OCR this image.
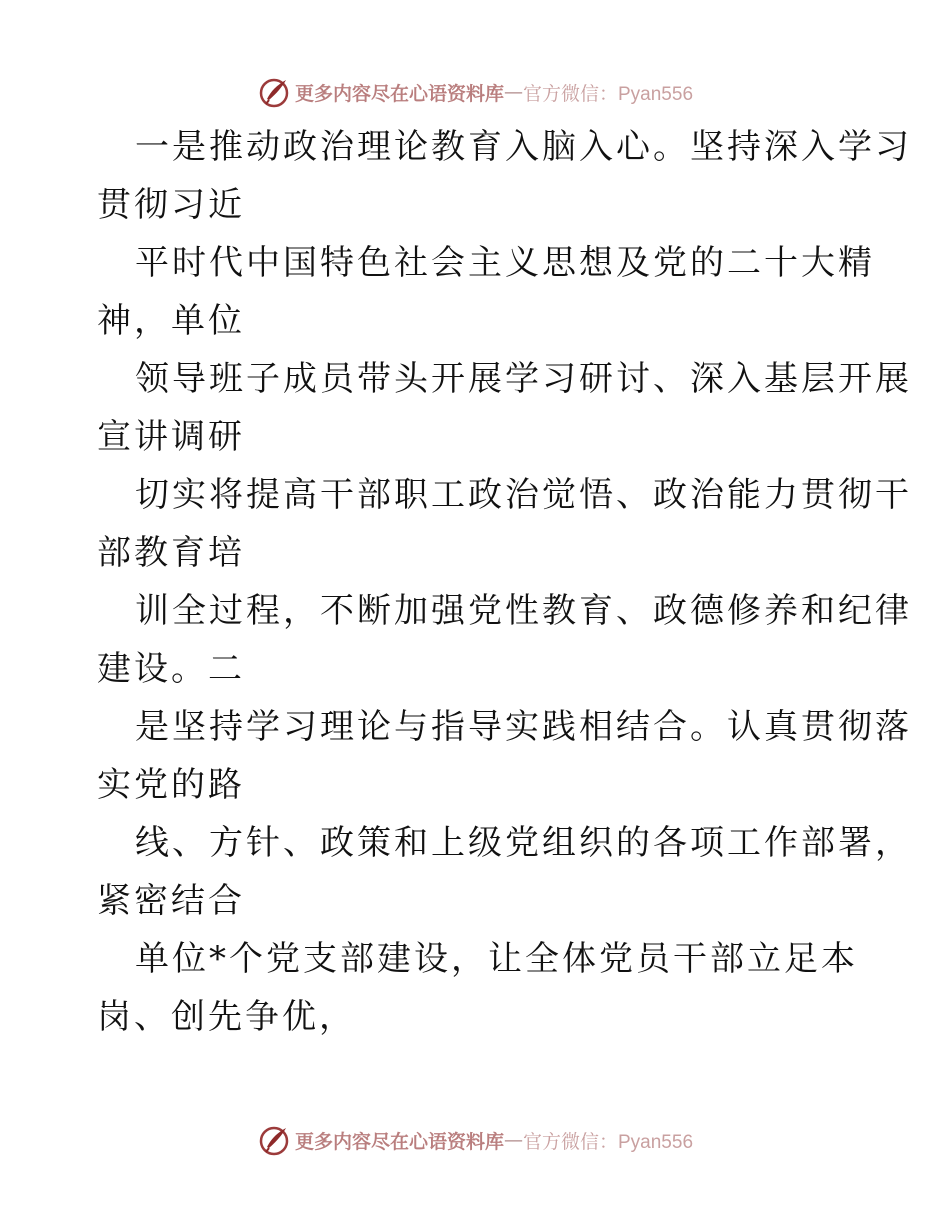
更多内容尽在心语资料库 — 官方微信：Pyan556
一是推动政治理论教育入脑入心。坚持深入学习
贯彻习近
平时代中国特色社会主义思想及党的二十大精
神，单位
领导班子成员带头开展学习研讨、深入基层开展
宣讲调研
切实将提高干部职工政治觉悟、政治能力贯彻干
部教育培
训全过程，不断加强党性教育、政德修养和纪律
建设。二
是坚持学习理论与指导实践相结合。认真贯彻落
实党的路
线、方针、政策和上级党组织的各项工作部署，
紧密结合
单位*个党支部建设，让全体党员干部立足本
岗、创先争优，
更多内容尽在心语资料库 — 官方微信：Pyan556
